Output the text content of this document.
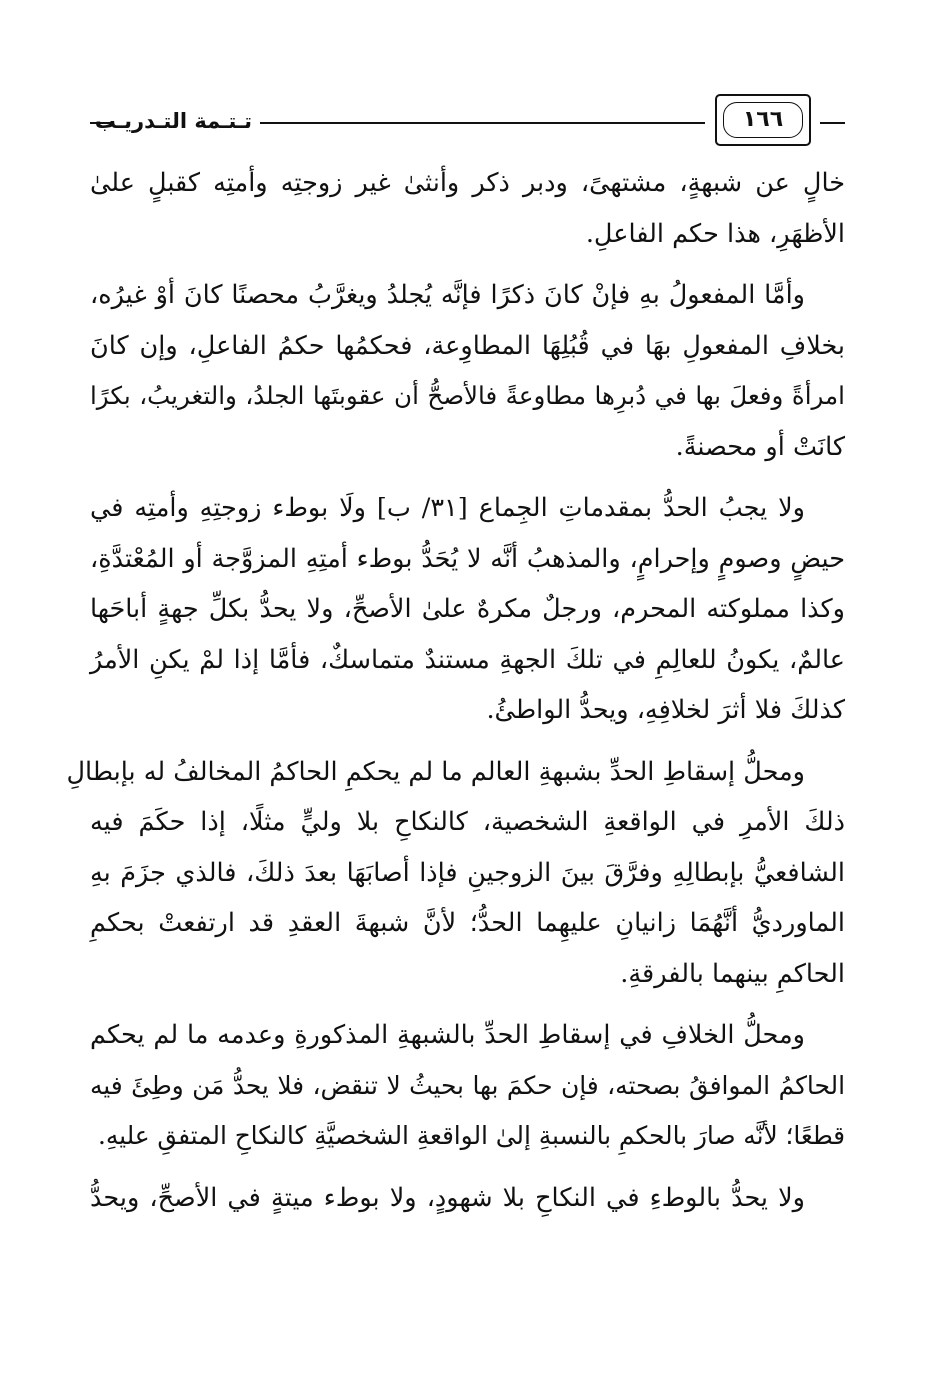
تـتـمة التـدريـب	١٦٦
خالٍ عن شبهةٍ، مشتهىً، ودبر ذكر وأنثىٰ غير زوجتِه وأمتِه كقبلٍ علىٰ
الأظهَرِ، هذا حكم الفاعلِ.
وأمَّا المفعولُ بهِ فإنْ كانَ ذكرًا فإنَّه يُجلدُ ويغرَّبُ محصنًا كانَ أوْ غيرُه،
بخلافِ المفعولِ بهَا في قُبُلِهَا المطاوِعة، فحكمُها حكمُ الفاعلِ، وإن كانَ
امرأةً وفعلَ بها في دُبرِها مطاوعةً فالأصحُّ أن عقوبتَها الجلدُ، والتغريبُ، بكرًا
كانَتْ أو محصنةً.
ولا يجبُ الحدُّ بمقدماتِ الجِماع [٣١/ ب] ولَا بوطء زوجتِهِ وأمتِه في
حيضٍ وصومٍ وإحرامٍ، والمذهبُ أنَّه لا يُحَدُّ بوطء أمتِهِ المزوَّجة أو المُعْتدَّةِ،
وكذا مملوكته المحرم، ورجلٌ مكرهٌ علىٰ الأصحِّ، ولا يحدُّ بكلِّ جهةٍ أباحَها
عالمٌ، يكونُ للعالِمِ في تلكَ الجهةِ مستندٌ متماسكٌ، فأمَّا إذا لمْ يكنِ الأمرُ
كذلكَ فلا أثرَ لخلافِهِ، ويحدُّ الواطئُ.
ومحلُّ إسقاطِ الحدِّ بشبهةِ العالم ما لم يحكمِ الحاكمُ المخالفُ له بإبطالِ
ذلكَ الأمرِ في الواقعةِ الشخصية، كالنكاحِ بلا وليٍّ مثلًا، إذا حكَمَ فيه
الشافعيُّ بإبطالِهِ وفرَّقَ بينَ الزوجينِ فإذا أصابَهَا بعدَ ذلكَ، فالذي جزَمَ بهِ
الماورديُّ أنَّهُمَا زانيانِ عليهِما الحدُّ؛ لأنَّ شبهةَ العقدِ قد ارتفعتْ بحكمِ
الحاكمِ بينهما بالفرقةِ.
ومحلُّ الخلافِ في إسقاطِ الحدِّ بالشبهةِ المذكورةِ وعدمه ما لم يحكم
الحاكمُ الموافقُ بصحته، فإن حكمَ بها بحيثُ لا تنقض، فلا يحدُّ مَن وطِئَ فيه
قطعًا؛ لأنَّه صارَ بالحكمِ بالنسبةِ إلىٰ الواقعةِ الشخصيَّةِ كالنكاحِ المتفقِ عليهِ.
ولا يحدُّ بالوطءِ في النكاحِ بلا شهودٍ، ولا بوطء ميتةٍ في الأصحِّ، ويحدُّ
